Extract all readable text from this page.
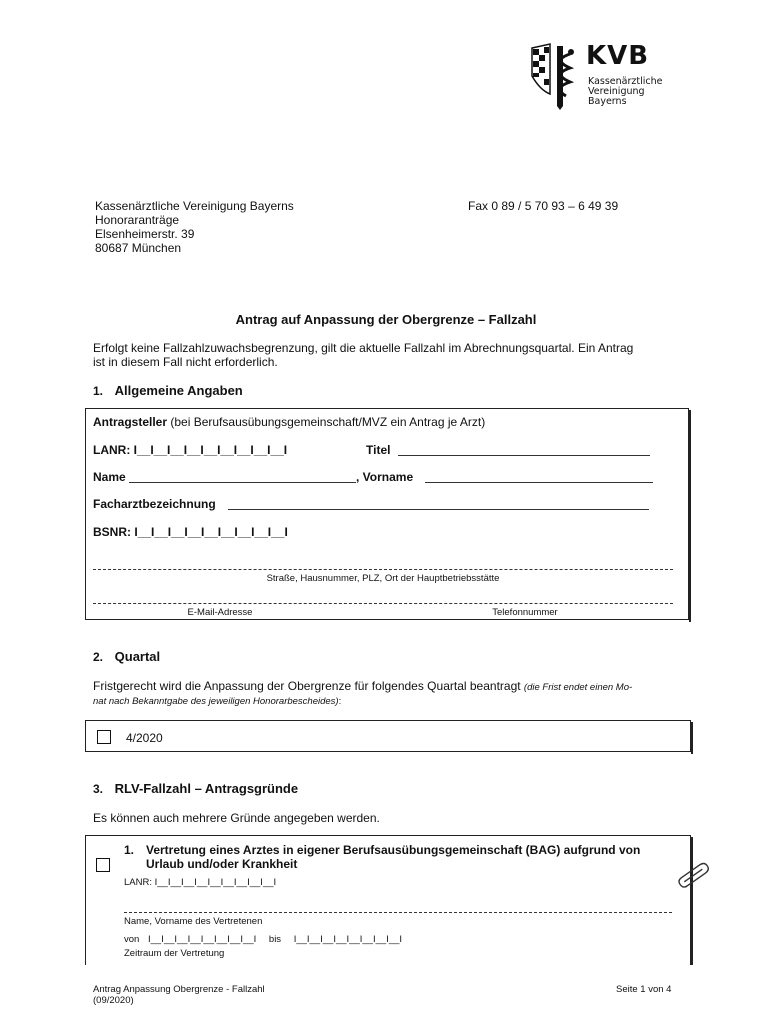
KVB
Kassenärztliche
Vereinigung
Bayerns
Kassenärztliche Vereinigung Bayerns
Honoraranträge
Elsenheimerstr. 39
80687 München
Fax 0 89 / 5 70 93 – 6 49 39
Antrag auf Anpassung der Obergrenze – Fallzahl
Erfolgt keine Fallzahlzuwachsbegrenzung, gilt die aktuelle Fallzahl im Abrechnungsquartal. Ein Antrag
ist in diesem Fall nicht erforderlich.
1. Allgemeine Angaben
Antragsteller (bei Berufsausübungsgemeinschaft/MVZ ein Antrag je Arzt)
LANR: I__I__I__I__I__I__I__I__I__I	Titel
Name	, Vorname
Facharztbezeichnung
BSNR: I__I__I__I__I__I__I__I__I__I
Straße, Hausnummer, PLZ, Ort der Hauptbetriebsstätte
E-Mail-Adresse	Telefonnummer
2. Quartal
Fristgerecht wird die Anpassung der Obergrenze für folgendes Quartal beantragt (die Frist endet einen Mo-
nat nach Bekanntgabe des jeweiligen Honorarbescheides):
4/2020
3. RLV-Fallzahl – Antragsgründe
Es können auch mehrere Gründe angegeben werden.
1. Vertretung eines Arztes in eigener Berufsausübungsgemeinschaft (BAG) aufgrund von
Urlaub und/oder Krankheit
LANR: I__I__I__I__I__I__I__I__I__I
Name, Vorname des Vertretenen
von I__I__I__I__I__I__I__I__I bis I__I__I__I__I__I__I__I__I
Zeitraum der Vertretung
Antrag Anpassung Obergrenze - Fallzahl
(09/2020)
Seite 1 von 4
